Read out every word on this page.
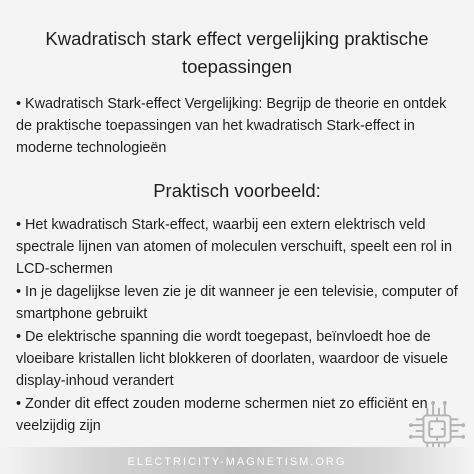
Kwadratisch stark effect vergelijking praktische toepassingen

• Kwadratisch Stark-effect Vergelijking: Begrijp de theorie en ontdek de praktische toepassingen van het kwadratisch Stark-effect in moderne technologieën

Praktisch voorbeeld:

• Het kwadratisch Stark-effect, waarbij een extern elektrisch veld spectrale lijnen van atomen of moleculen verschuift, speelt een rol in LCD-schermen

• In je dagelijkse leven zie je dit wanneer je een televisie, computer of smartphone gebruikt

• De elektrische spanning die wordt toegepast, beïnvloedt hoe de vloeibare kristallen licht blokkeren of doorlaten, waardoor de visuele display-inhoud verandert

• Zonder dit effect zouden moderne schermen niet zo efficiënt en veelzijdig zijn

ELECTRICITY-MAGNETISM.ORG
